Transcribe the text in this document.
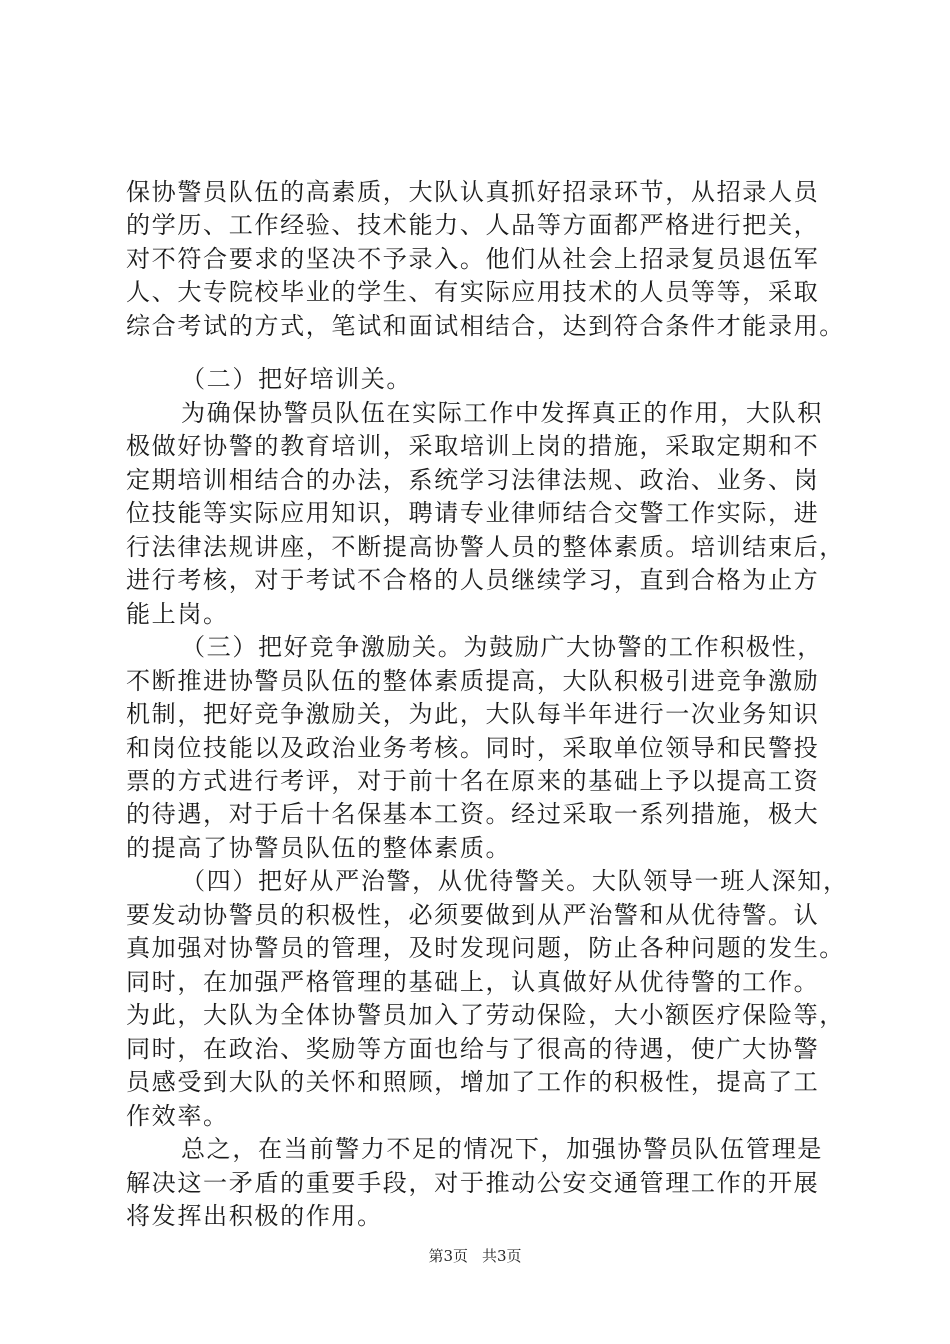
保协警员队伍的高素质，大队认真抓好招录环节，从招录人员
的学历、工作经验、技术能力、人品等方面都严格进行把关，
对不符合要求的坚决不予录入。他们从社会上招录复员退伍军
人、大专院校毕业的学生、有实际应用技术的人员等等，采取
综合考试的方式，笔试和面试相结合，达到符合条件才能录用。
（二）把好培训关。
为确保协警员队伍在实际工作中发挥真正的作用，大队积
极做好协警的教育培训，采取培训上岗的措施，采取定期和不
定期培训相结合的办法，系统学习法律法规、政治、业务、岗
位技能等实际应用知识，聘请专业律师结合交警工作实际，进
行法律法规讲座，不断提高协警人员的整体素质。培训结束后，
进行考核，对于考试不合格的人员继续学习，直到合格为止方
能上岗。
（三）把好竞争激励关。为鼓励广大协警的工作积极性，
不断推进协警员队伍的整体素质提高，大队积极引进竞争激励
机制，把好竞争激励关，为此，大队每半年进行一次业务知识
和岗位技能以及政治业务考核。同时，采取单位领导和民警投
票的方式进行考评，对于前十名在原来的基础上予以提高工资
的待遇，对于后十名保基本工资。经过采取一系列措施，极大
的提高了协警员队伍的整体素质。
（四）把好从严治警，从优待警关。大队领导一班人深知，
要发动协警员的积极性，必须要做到从严治警和从优待警。认
真加强对协警员的管理，及时发现问题，防止各种问题的发生。
同时，在加强严格管理的基础上，认真做好从优待警的工作。
为此，大队为全体协警员加入了劳动保险，大小额医疗保险等，
同时，在政治、奖励等方面也给与了很高的待遇，使广大协警
员感受到大队的关怀和照顾，增加了工作的积极性，提高了工
作效率。
总之，在当前警力不足的情况下，加强协警员队伍管理是
解决这一矛盾的重要手段，对于推动公安交通管理工作的开展
将发挥出积极的作用。
第3页 共3页
